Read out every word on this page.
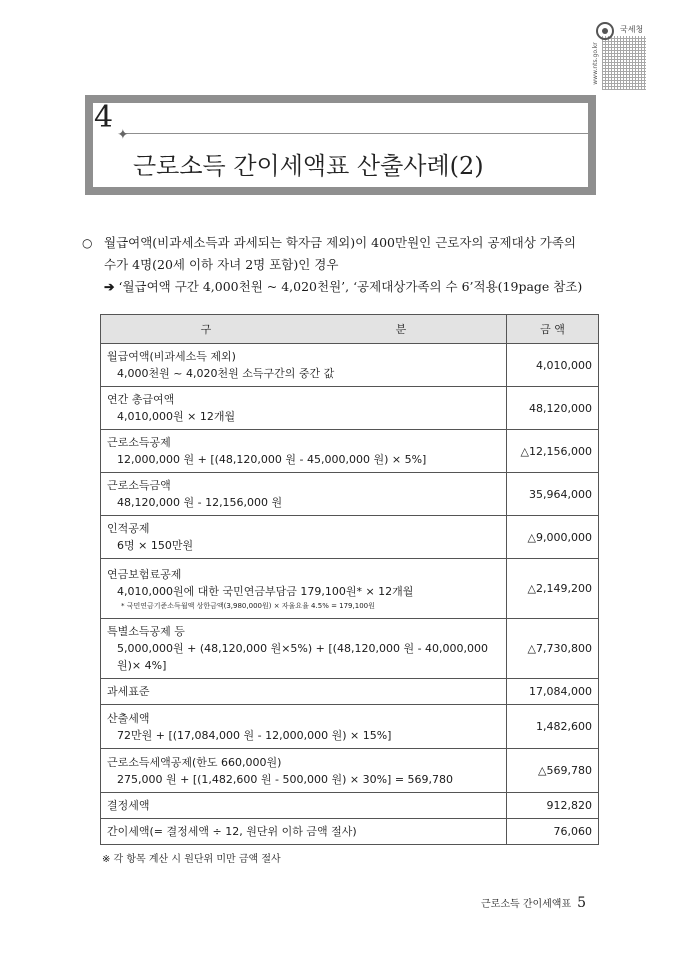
국세청
www.nts.go.kr
4 ✦
근로소득 간이세액표 산출사례(2)
○ 월급여액(비과세소득과 과세되는 학자금 제외)이 400만원인 근로자의 공제대상 가족의
수가 4명(20세 이하 자녀 2명 포함)인 경우
➔ ‘월급여액 구간 4,000천원 ~ 4,020천원’, ‘공제대상가족의 수 6’적용(19page 참조)
구 분	금 액

월급여액(비과세소득 제외)
4,000천원 ~ 4,020천원 소득구간의 중간 값	4,010,000

연간 총급여액
4,010,000원 × 12개월	48,120,000

근로소득공제
12,000,000 원 + [(48,120,000 원 - 45,000,000 원) × 5%]	△12,156,000

근로소득금액
48,120,000 원 - 12,156,000 원	35,964,000

인적공제
6명 × 150만원	△9,000,000

연금보험료공제
4,010,000원에 대한 국민연금부담금 179,100원* × 12개월
* 국민연금기준소득월액 상한금액(3,980,000원) × 자율요율 4.5% = 179,100원	△2,149,200

특별소득공제 등
5,000,000원 + (48,120,000 원×5%) + [(48,120,000 원 - 40,000,000 원)× 4%]	△7,730,800

과세표준	17,084,000

산출세액
72만원 + [(17,084,000 원 - 12,000,000 원) × 15%]	1,482,600

근로소득세액공제(한도 660,000원)
275,000 원 + [(1,482,600 원 - 500,000 원) × 30%] = 569,780	△569,780

결정세액	912,820

간이세액(= 결정세액 ÷ 12, 원단위 이하 금액 절사)	76,060
※ 각 항목 계산 시 원단위 미만 금액 절사
근로소득 간이세액표 5
